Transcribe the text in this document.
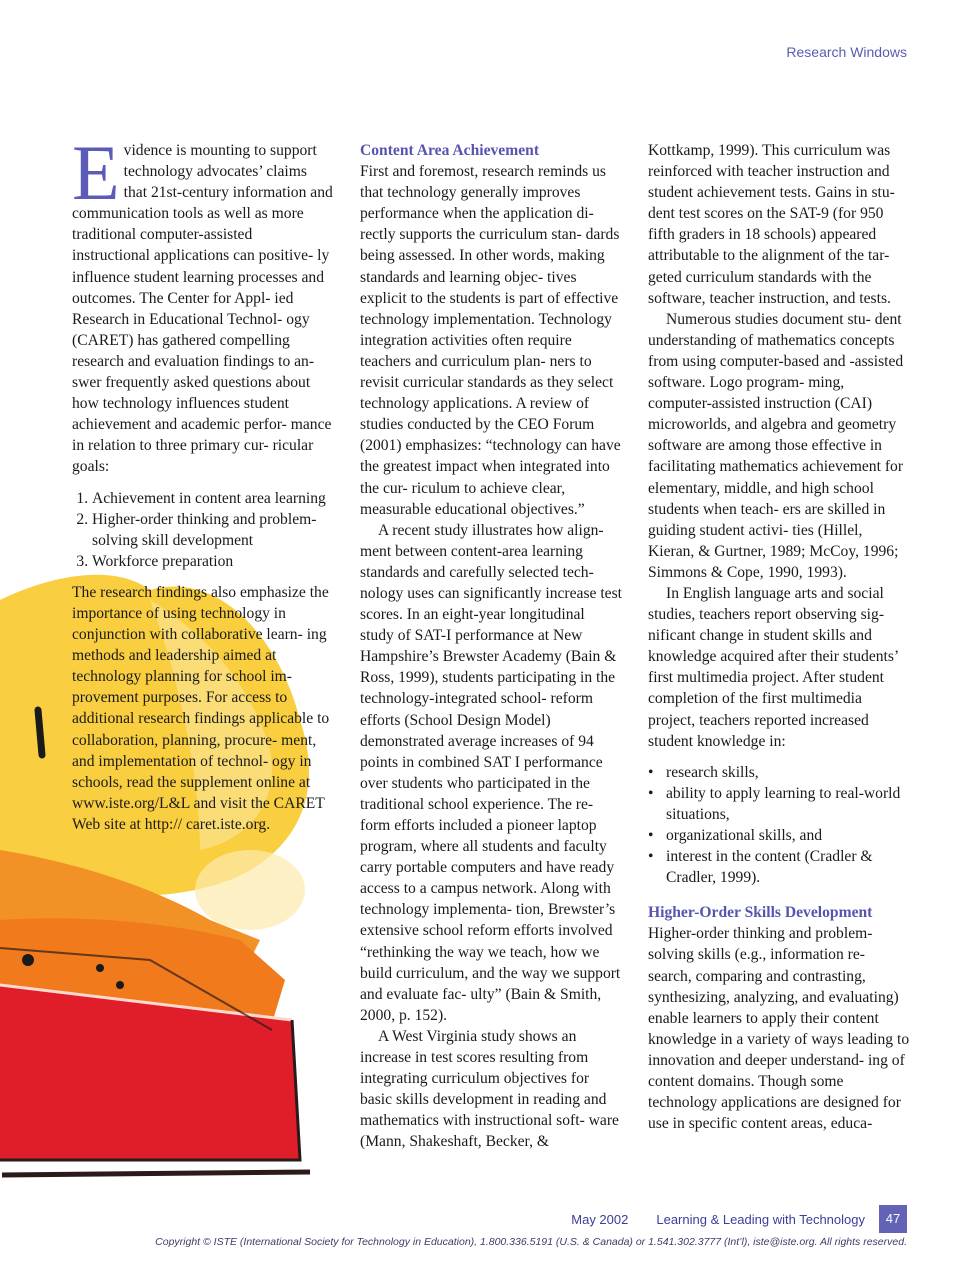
Research Windows

Evidence is mounting to support technology advocates’ claims that 21st-century information and communication tools as well as more traditional computer-assisted instructional applications can positive- ly influence student learning processes and outcomes. The Center for Appl- ied Research in Educational Technol- ogy (CARET) has gathered compelling research and evaluation findings to an- swer frequently asked questions about how technology influences student achievement and academic perfor- mance in relation to three primary cur- ricular goals:

1. Achievement in content area learning
2. Higher-order thinking and problem- solving skill development
3. Workforce preparation

The research findings also emphasize the importance of using technology in conjunction with collaborative learn- ing methods and leadership aimed at technology planning for school im- provement purposes. For access to additional research findings applicable to collaboration, planning, procure- ment, and implementation of technol- ogy in schools, read the supplement online at www.iste.org/L&L and visit the CARET Web site at http:// caret.iste.org.

Content Area Achievement

First and foremost, research reminds us that technology generally improves performance when the application di- rectly supports the curriculum stan- dards being assessed. In other words, making standards and learning objec- tives explicit to the students is part of effective technology implementation. Technology integration activities often require teachers and curriculum plan- ners to revisit curricular standards as they select technology applications. A review of studies conducted by the CEO Forum (2001) emphasizes: “technology can have the greatest impact when integrated into the cur- riculum to achieve clear, measurable educational objectives.”

A recent study illustrates how align- ment between content-area learning standards and carefully selected tech- nology uses can significantly increase test scores. In an eight-year longitudinal study of SAT-I performance at New Hampshire’s Brewster Academy (Bain & Ross, 1999), students participating in the technology-integrated school- reform efforts (School Design Model) demonstrated average increases of 94 points in combined SAT I performance over students who participated in the traditional school experience. The re- form efforts included a pioneer laptop program, where all students and faculty carry portable computers and have ready access to a campus network. Along with technology implementa- tion, Brewster’s extensive school reform efforts involved “rethinking the way we teach, how we build curriculum, and the way we support and evaluate fac- ulty” (Bain & Smith, 2000, p. 152).

A West Virginia study shows an increase in test scores resulting from integrating curriculum objectives for basic skills development in reading and mathematics with instructional soft- ware (Mann, Shakeshaft, Becker, &

Kottkamp, 1999). This curriculum was reinforced with teacher instruction and student achievement tests. Gains in stu- dent test scores on the SAT-9 (for 950 fifth graders in 18 schools) appeared attributable to the alignment of the tar- geted curriculum standards with the software, teacher instruction, and tests.

Numerous studies document stu- dent understanding of mathematics concepts from using computer-based and -assisted software. Logo program- ming, computer-assisted instruction (CAI) microworlds, and algebra and geometry software are among those effective in facilitating mathematics achievement for elementary, middle, and high school students when teach- ers are skilled in guiding student activi- ties (Hillel, Kieran, & Gurtner, 1989; McCoy, 1996; Simmons & Cope, 1990, 1993).

In English language arts and social studies, teachers report observing sig- nificant change in student skills and knowledge acquired after their students’ first multimedia project. After student completion of the first multimedia project, teachers reported increased student knowledge in:

• research skills,
• ability to apply learning to real-world situations,
• organizational skills, and
• interest in the content (Cradler & Cradler, 1999).
Higher-Order Skills Development

Higher-order thinking and problem- solving skills (e.g., information re- search, comparing and contrasting, synthesizing, analyzing, and evaluating) enable learners to apply their content knowledge in a variety of ways leading to innovation and deeper understand- ing of content domains. Though some technology applications are designed for use in specific content areas, educa-

May 2002 Learning & Leading with Technology	47
Copyright © ISTE (International Society for Technology in Education), 1.800.336.5191 (U.S. & Canada) or 1.541.302.3777 (Int’l), iste@iste.org. All rights reserved.
